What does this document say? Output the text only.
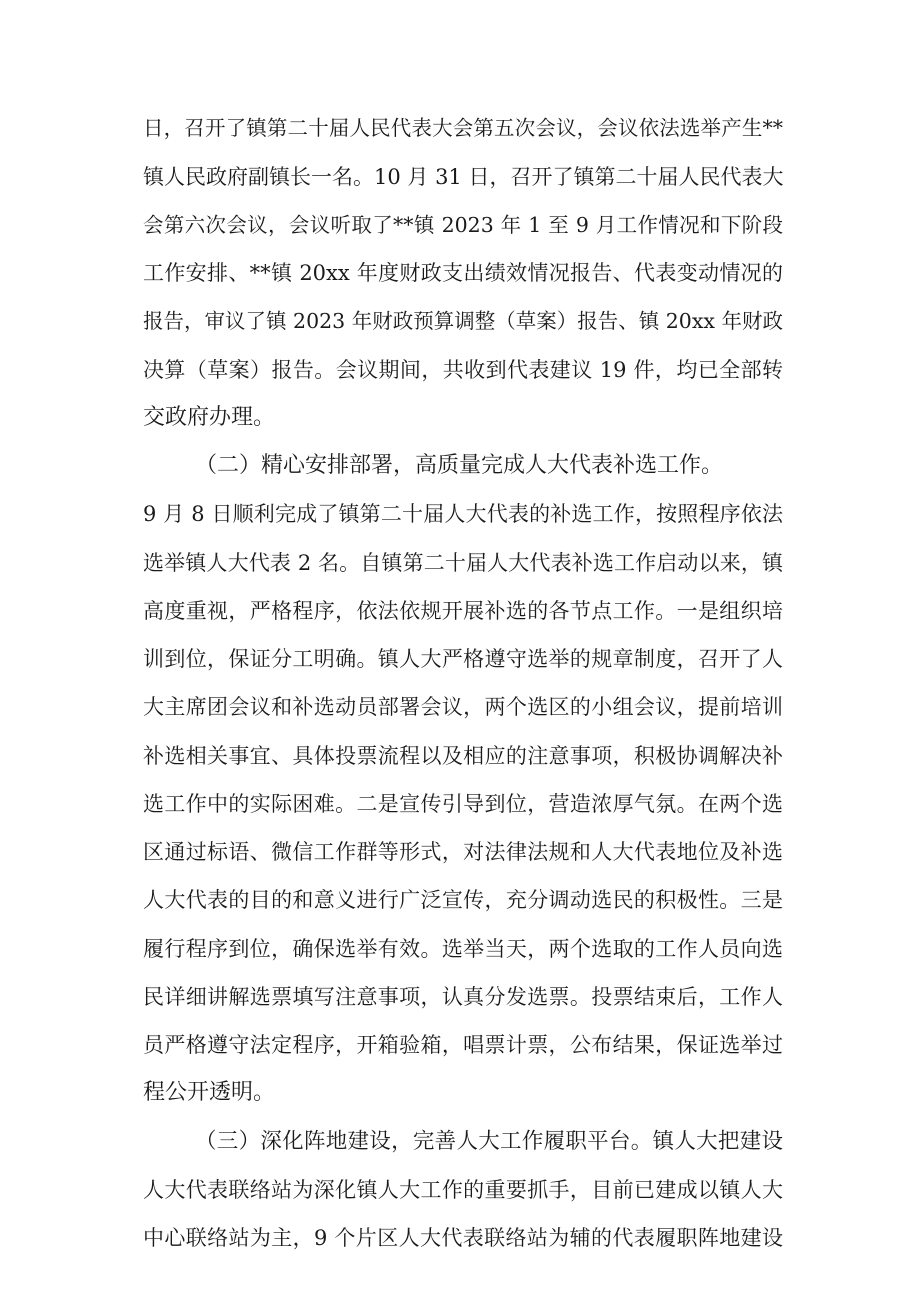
日，召开了镇第二十届人民代表大会第五次会议，会议依法选举产生**
镇人民政府副镇长一名。10 月 31 日，召开了镇第二十届人民代表大
会第六次会议，会议听取了**镇 2023 年 1 至 9 月工作情况和下阶段
工作安排、**镇 20xx 年度财政支出绩效情况报告、代表变动情况的
报告，审议了镇 2023 年财政预算调整（草案）报告、镇 20xx 年财政
决算（草案）报告。会议期间，共收到代表建议 19 件，均已全部转
交政府办理。
（二）精心安排部署，高质量完成人大代表补选工作。
9 月 8 日顺利完成了镇第二十届人大代表的补选工作，按照程序依法
选举镇人大代表 2 名。自镇第二十届人大代表补选工作启动以来，镇
高度重视，严格程序，依法依规开展补选的各节点工作。一是组织培
训到位，保证分工明确。镇人大严格遵守选举的规章制度，召开了人
大主席团会议和补选动员部署会议，两个选区的小组会议，提前培训
补选相关事宜、具体投票流程以及相应的注意事项，积极协调解决补
选工作中的实际困难。二是宣传引导到位，营造浓厚气氛。在两个选
区通过标语、微信工作群等形式，对法律法规和人大代表地位及补选
人大代表的目的和意义进行广泛宣传，充分调动选民的积极性。三是
履行程序到位，确保选举有效。选举当天，两个选取的工作人员向选
民详细讲解选票填写注意事项，认真分发选票。投票结束后，工作人
员严格遵守法定程序，开箱验箱，唱票计票，公布结果，保证选举过
程公开透明。
（三）深化阵地建设，完善人大工作履职平台。镇人大把建设
人大代表联络站为深化镇人大工作的重要抓手，目前已建成以镇人大
中心联络站为主，9 个片区人大代表联络站为辅的代表履职阵地建设
